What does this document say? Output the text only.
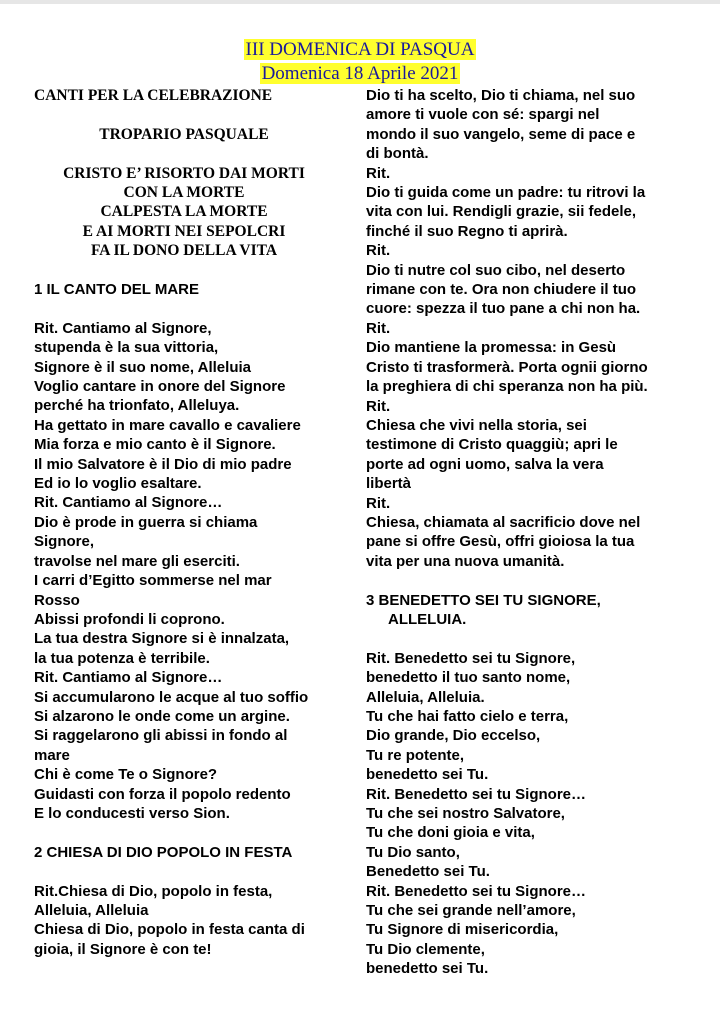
III DOMENICA DI PASQUA
Domenica 18 Aprile 2021
CANTI PER LA CELEBRAZIONE
TROPARIO PASQUALE
CRISTO E’ RISORTO DAI MORTI
CON LA MORTE
CALPESTA LA MORTE
E AI MORTI NEI SEPOLCRI
FA IL DONO DELLA VITA
1 IL CANTO DEL MARE
Rit. Cantiamo al Signore,
stupenda è la sua vittoria,
Signore è il suo nome, Alleluia
Voglio cantare in onore del Signore
perché ha trionfato, Alleluya.
Ha gettato in mare cavallo e cavaliere
Mia forza e mio canto è il Signore.
Il mio Salvatore è il Dio di mio padre
Ed io lo voglio esaltare.
Rit. Cantiamo al Signore…
Dio è prode in guerra si chiama
Signore,
travolse nel mare gli eserciti.
I carri d’Egitto sommerse nel mar
Rosso
Abissi profondi li coprono.
La tua destra Signore si è innalzata,
la tua potenza è terribile.
Rit. Cantiamo al Signore…
Si accumularono le acque al tuo soffio
Si alzarono le onde come un argine.
Si raggelarono gli abissi in fondo al
mare
Chi è come Te o Signore?
Guidasti con forza il popolo redento
E lo conducesti verso Sion.
2 CHIESA DI DIO POPOLO IN FESTA
Rit.Chiesa di Dio, popolo in festa,
Alleluia, Alleluia
Chiesa di Dio, popolo in festa canta di
gioia, il Signore è con te!
Dio ti ha scelto, Dio ti chiama, nel suo
amore ti vuole con sé: spargi nel
mondo il suo vangelo, seme di pace e
di bontà.
Rit.
Dio ti guida come un padre: tu ritrovi la
vita con lui. Rendigli grazie, sii fedele,
finché il suo Regno ti aprirà.
Rit.
Dio ti nutre col suo cibo, nel deserto
rimane con te. Ora non chiudere il tuo
cuore: spezza il tuo pane a chi non ha.
Rit.
Dio mantiene la promessa: in Gesù
Cristo ti trasformerà. Porta ognii giorno
la preghiera di chi speranza non ha più.
Rit.
Chiesa che vivi nella storia, sei
testimone di Cristo quaggiù; apri le
porte ad ogni uomo, salva la vera
libertà
Rit.
Chiesa, chiamata al sacrificio dove nel
pane si offre Gesù, offri gioiosa la tua
vita per una nuova umanità.
3 BENEDETTO SEI TU SIGNORE,
ALLELUIA.
Rit. Benedetto sei tu Signore,
benedetto il tuo santo nome,
Alleluia, Alleluia.
Tu che hai fatto cielo e terra,
Dio grande, Dio eccelso,
Tu re potente,
benedetto sei Tu.
Rit. Benedetto sei tu Signore…
Tu che sei nostro Salvatore,
Tu che doni gioia e vita,
Tu Dio santo,
Benedetto sei Tu.
Rit. Benedetto sei tu Signore…
Tu che sei grande nell’amore,
Tu Signore di misericordia,
Tu Dio clemente,
benedetto sei Tu.
